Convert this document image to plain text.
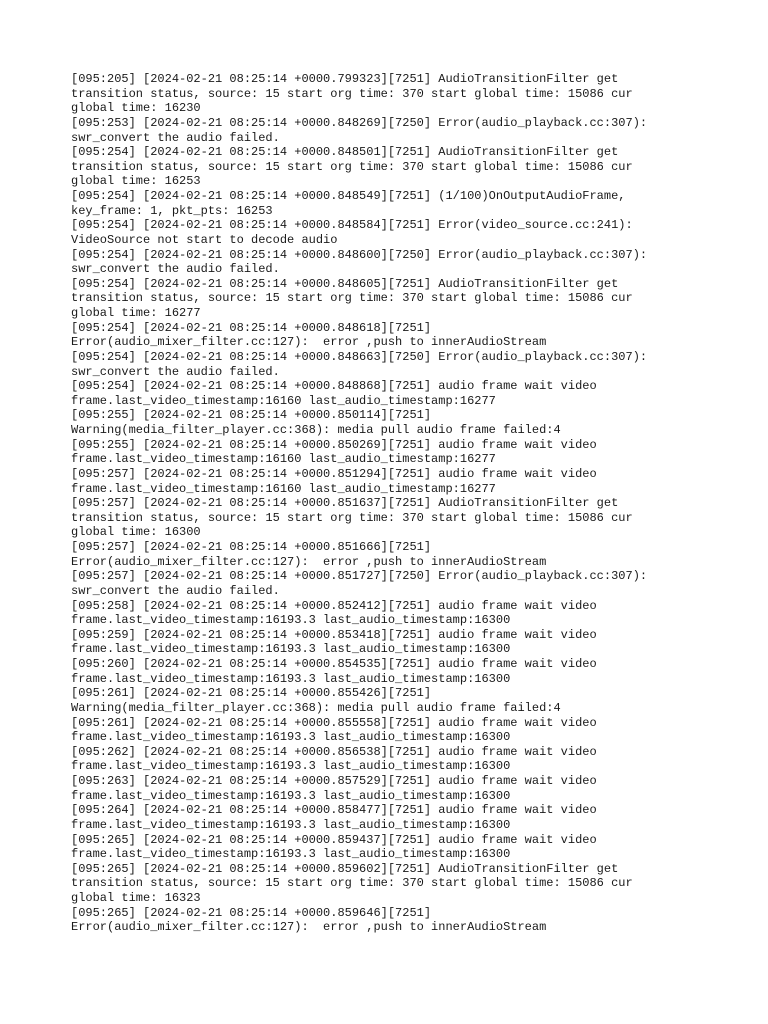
[095:205] [2024-02-21 08:25:14 +0000.799323][7251] AudioTransitionFilter get
transition status, source: 15 start org time: 370 start global time: 15086 cur
global time: 16230
[095:253] [2024-02-21 08:25:14 +0000.848269][7250] Error(audio_playback.cc:307):
swr_convert the audio failed.
[095:254] [2024-02-21 08:25:14 +0000.848501][7251] AudioTransitionFilter get
transition status, source: 15 start org time: 370 start global time: 15086 cur
global time: 16253
[095:254] [2024-02-21 08:25:14 +0000.848549][7251] (1/100)OnOutputAudioFrame,
key_frame: 1, pkt_pts: 16253
[095:254] [2024-02-21 08:25:14 +0000.848584][7251] Error(video_source.cc:241):
VideoSource not start to decode audio
[095:254] [2024-02-21 08:25:14 +0000.848600][7250] Error(audio_playback.cc:307):
swr_convert the audio failed.
[095:254] [2024-02-21 08:25:14 +0000.848605][7251] AudioTransitionFilter get
transition status, source: 15 start org time: 370 start global time: 15086 cur
global time: 16277
[095:254] [2024-02-21 08:25:14 +0000.848618][7251]
Error(audio_mixer_filter.cc:127):  error ,push to innerAudioStream
[095:254] [2024-02-21 08:25:14 +0000.848663][7250] Error(audio_playback.cc:307):
swr_convert the audio failed.
[095:254] [2024-02-21 08:25:14 +0000.848868][7251] audio frame wait video
frame.last_video_timestamp:16160 last_audio_timestamp:16277
[095:255] [2024-02-21 08:25:14 +0000.850114][7251]
Warning(media_filter_player.cc:368): media pull audio frame failed:4
[095:255] [2024-02-21 08:25:14 +0000.850269][7251] audio frame wait video
frame.last_video_timestamp:16160 last_audio_timestamp:16277
[095:257] [2024-02-21 08:25:14 +0000.851294][7251] audio frame wait video
frame.last_video_timestamp:16160 last_audio_timestamp:16277
[095:257] [2024-02-21 08:25:14 +0000.851637][7251] AudioTransitionFilter get
transition status, source: 15 start org time: 370 start global time: 15086 cur
global time: 16300
[095:257] [2024-02-21 08:25:14 +0000.851666][7251]
Error(audio_mixer_filter.cc:127):  error ,push to innerAudioStream
[095:257] [2024-02-21 08:25:14 +0000.851727][7250] Error(audio_playback.cc:307):
swr_convert the audio failed.
[095:258] [2024-02-21 08:25:14 +0000.852412][7251] audio frame wait video
frame.last_video_timestamp:16193.3 last_audio_timestamp:16300
[095:259] [2024-02-21 08:25:14 +0000.853418][7251] audio frame wait video
frame.last_video_timestamp:16193.3 last_audio_timestamp:16300
[095:260] [2024-02-21 08:25:14 +0000.854535][7251] audio frame wait video
frame.last_video_timestamp:16193.3 last_audio_timestamp:16300
[095:261] [2024-02-21 08:25:14 +0000.855426][7251]
Warning(media_filter_player.cc:368): media pull audio frame failed:4
[095:261] [2024-02-21 08:25:14 +0000.855558][7251] audio frame wait video
frame.last_video_timestamp:16193.3 last_audio_timestamp:16300
[095:262] [2024-02-21 08:25:14 +0000.856538][7251] audio frame wait video
frame.last_video_timestamp:16193.3 last_audio_timestamp:16300
[095:263] [2024-02-21 08:25:14 +0000.857529][7251] audio frame wait video
frame.last_video_timestamp:16193.3 last_audio_timestamp:16300
[095:264] [2024-02-21 08:25:14 +0000.858477][7251] audio frame wait video
frame.last_video_timestamp:16193.3 last_audio_timestamp:16300
[095:265] [2024-02-21 08:25:14 +0000.859437][7251] audio frame wait video
frame.last_video_timestamp:16193.3 last_audio_timestamp:16300
[095:265] [2024-02-21 08:25:14 +0000.859602][7251] AudioTransitionFilter get
transition status, source: 15 start org time: 370 start global time: 15086 cur
global time: 16323
[095:265] [2024-02-21 08:25:14 +0000.859646][7251]
Error(audio_mixer_filter.cc:127):  error ,push to innerAudioStream
